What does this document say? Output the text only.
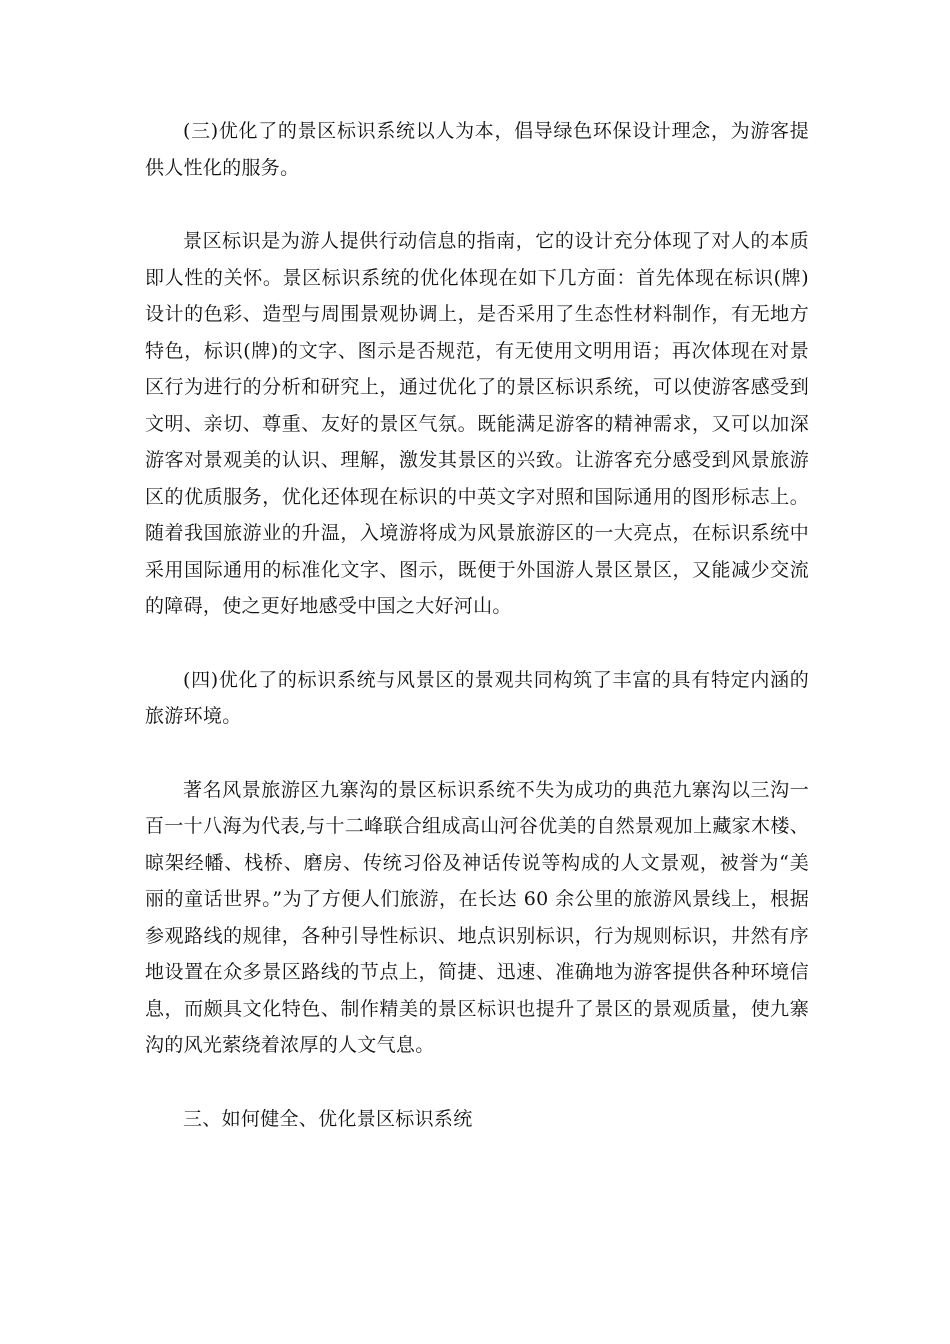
(三)优化了的景区标识系统以人为本，倡导绿色环保设计理念，为游客提供人性化的服务。

景区标识是为游人提供行动信息的指南，它的设计充分体现了对人的本质即人性的关怀。景区标识系统的优化体现在如下几方面：首先体现在标识(牌)设计的色彩、造型与周围景观协调上，是否采用了生态性材料制作，有无地方特色，标识(牌)的文字、图示是否规范，有无使用文明用语；再次体现在对景区行为进行的分析和研究上，通过优化了的景区标识系统，可以使游客感受到文明、亲切、尊重、友好的景区气氛。既能满足游客的精神需求，又可以加深游客对景观美的认识、理解，激发其景区的兴致。让游客充分感受到风景旅游区的优质服务，优化还体现在标识的中英文字对照和国际通用的图形标志上。随着我国旅游业的升温，入境游将成为风景旅游区的一大亮点，在标识系统中采用国际通用的标准化文字、图示，既便于外国游人景区景区，又能减少交流的障碍，使之更好地感受中国之大好河山。

(四)优化了的标识系统与风景区的景观共同构筑了丰富的具有特定内涵的旅游环境。

著名风景旅游区九寨沟的景区标识系统不失为成功的典范九寨沟以三沟一百一十八海为代表,与十二峰联合组成高山河谷优美的自然景观加上藏家木楼、晾架经幡、栈桥、磨房、传统习俗及神话传说等构成的人文景观，被誉为“美丽的童话世界。”为了方便人们旅游，在长达 60 余公里的旅游风景线上，根据参观路线的规律，各种引导性标识、地点识别标识，行为规则标识，井然有序地设置在众多景区路线的节点上，简捷、迅速、准确地为游客提供各种环境信息，而颇具文化特色、制作精美的景区标识也提升了景区的景观质量，使九寨沟的风光萦绕着浓厚的人文气息。

三、如何健全、优化景区标识系统
